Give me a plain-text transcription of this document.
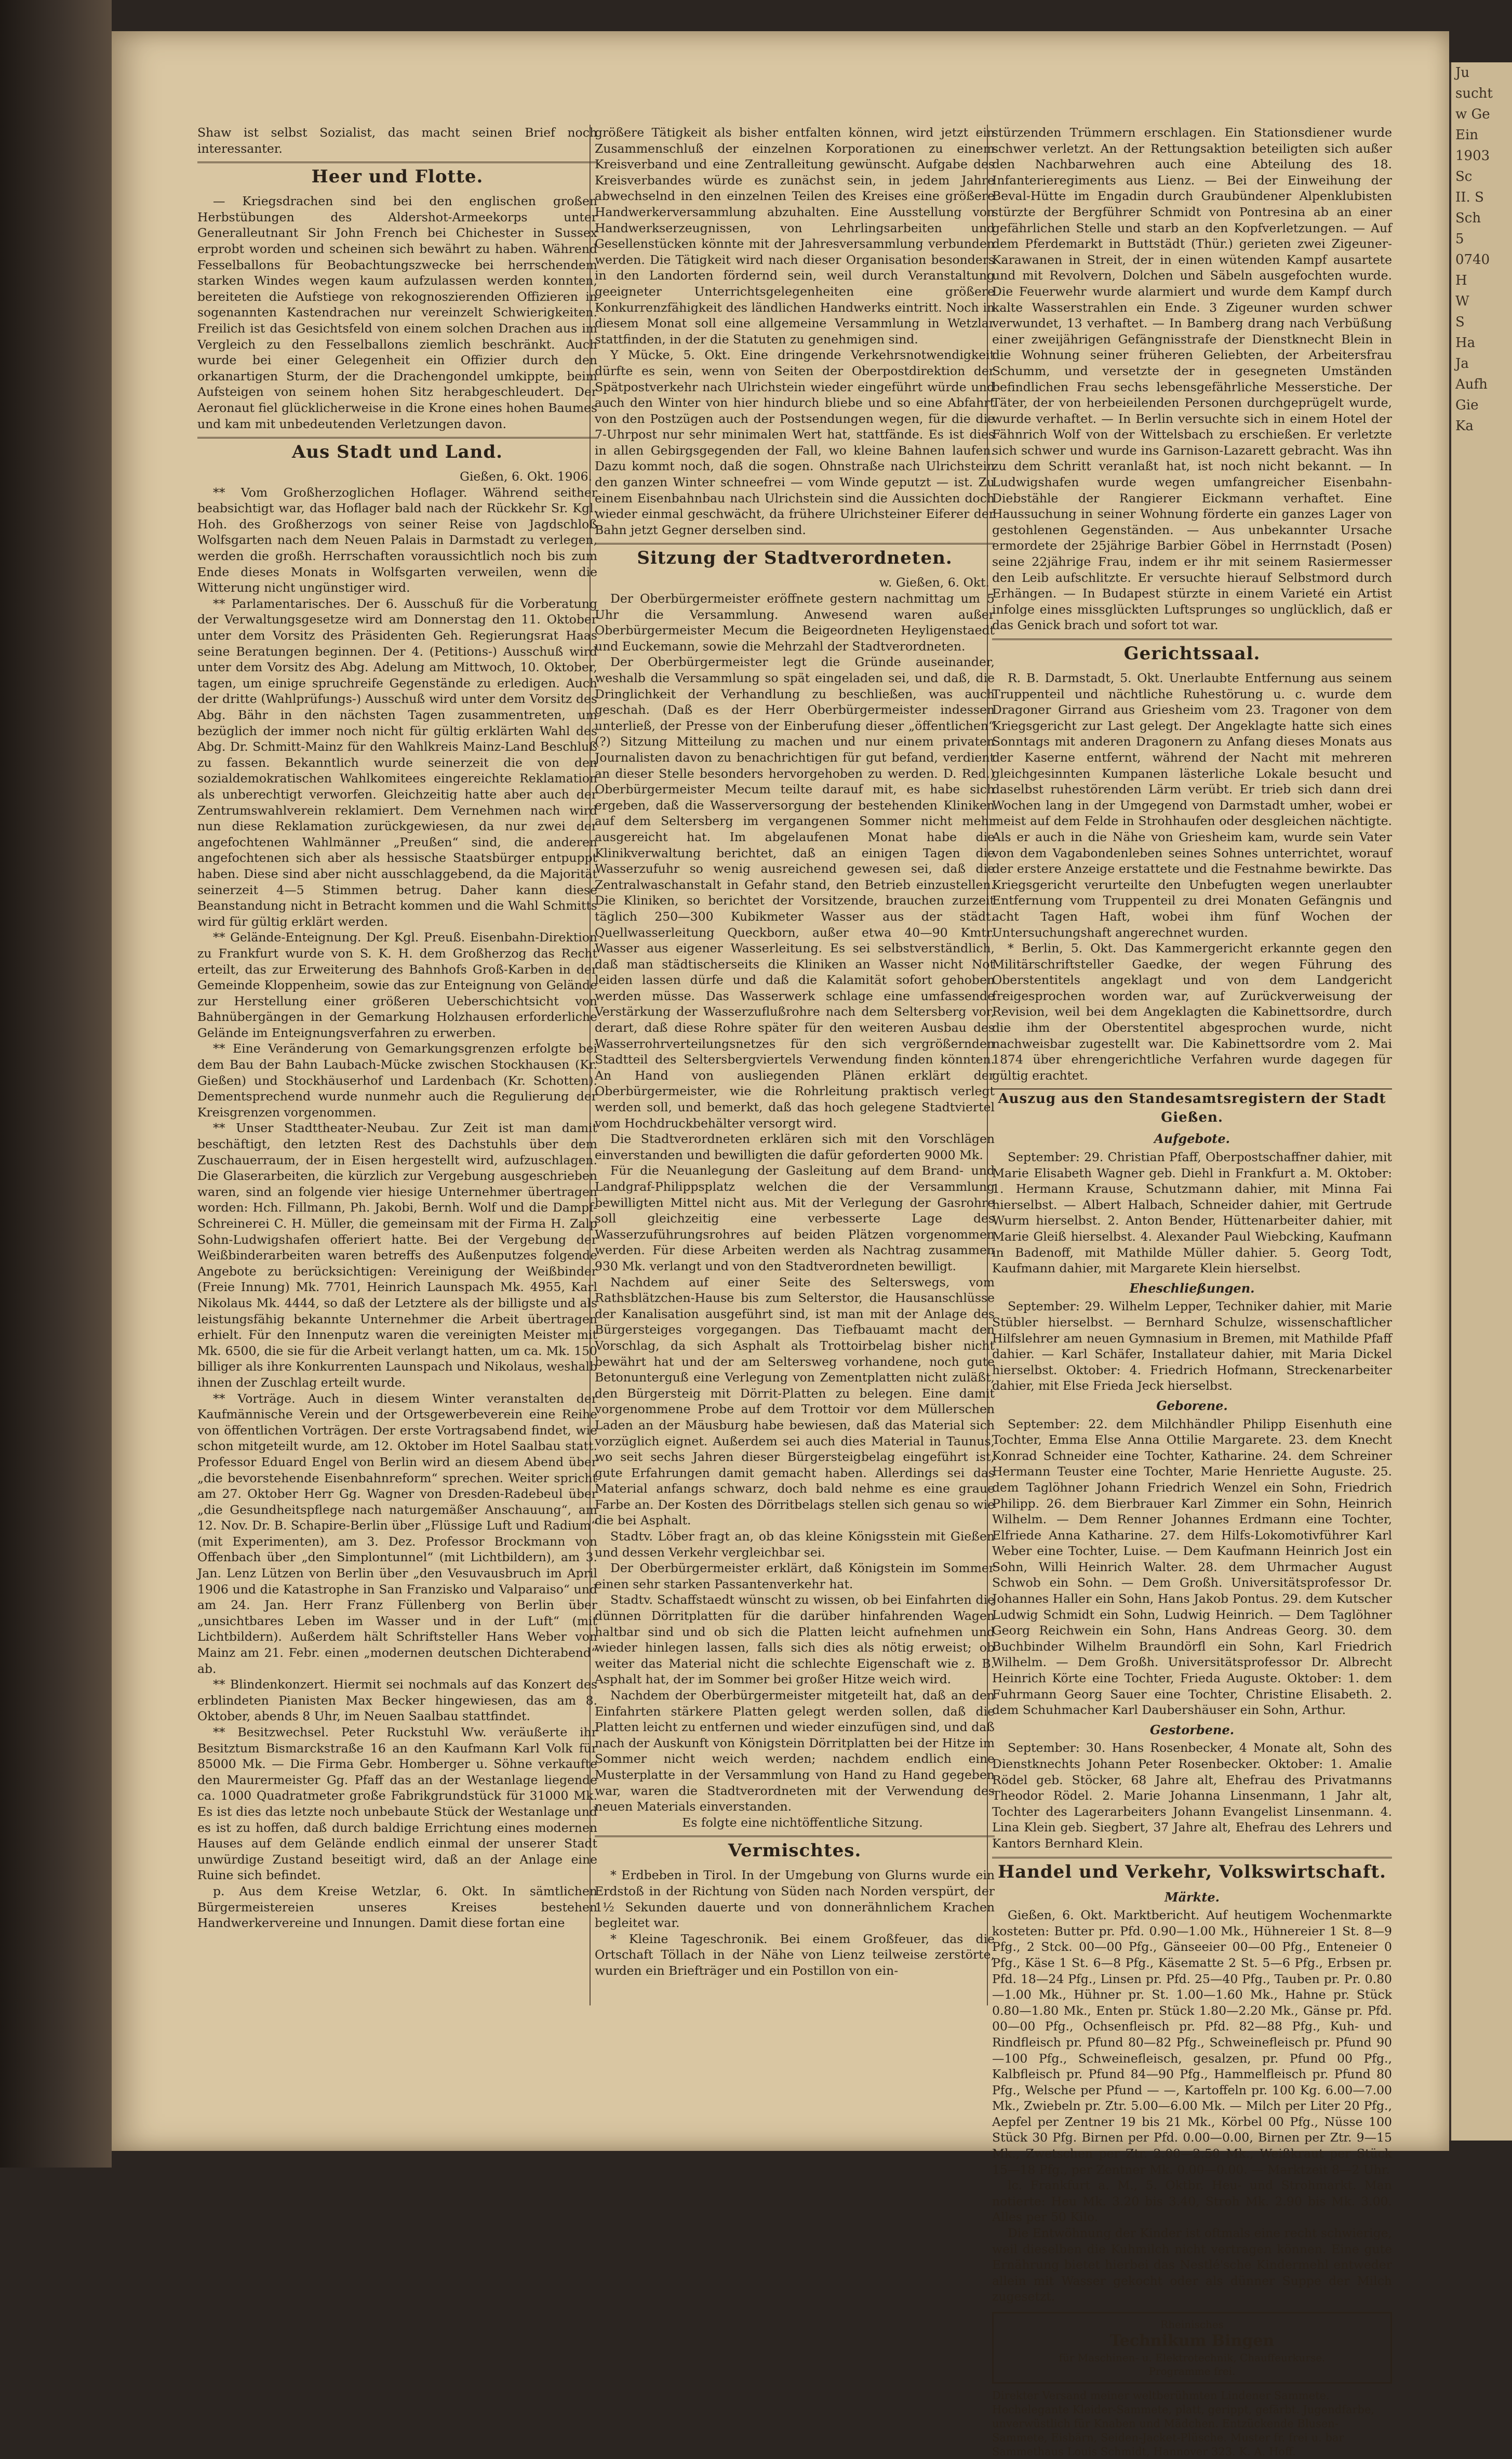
Shaw ist selbst Sozialist, das macht seinen Brief noch interessanter.

Heer und Flotte.

— Kriegsdrachen sind bei den englischen großen Herbstübungen des Aldershot-Armeekorps unter Generalleutnant Sir John French bei Chichester in Sussex erprobt worden und scheinen sich bewährt zu haben. Während Fesselballons für Beobachtungszwecke bei herrschendem starken Windes wegen kaum aufzulassen werden konnten, bereiteten die Aufstiege von rekognoszierenden Offizieren in sogenannten Kastendrachen nur vereinzelt Schwierigkeiten. Freilich ist das Gesichtsfeld von einem solchen Drachen aus im Vergleich zu den Fesselballons ziemlich beschränkt. Auch wurde bei einer Gelegenheit ein Offizier durch den orkanartigen Sturm, der die Drachengondel umkippte, beim Aufsteigen von seinem hohen Sitz herabgeschleudert. Der Aeronaut fiel glücklicherweise in die Krone eines hohen Baumes und kam mit unbedeutenden Verletzungen davon.

Aus Stadt und Land.
Gießen, 6. Okt. 1906.

** Vom Großherzoglichen Hoflager. Während seither beabsichtigt war, das Hoflager bald nach der Rückkehr Sr. Kgl. Hoh. des Großherzogs von seiner Reise von Jagdschloß Wolfsgarten nach dem Neuen Palais in Darmstadt zu verlegen, werden die großh. Herrschaften voraussichtlich noch bis zum Ende dieses Monats in Wolfsgarten verweilen, wenn die Witterung nicht ungünstiger wird.

** Parlamentarisches. Der 6. Ausschuß für die Vorberatung der Verwaltungsgesetze wird am Donnerstag den 11. Oktober unter dem Vorsitz des Präsidenten Geh. Regierungsrat Haas seine Beratungen beginnen. Der 4. (Petitions-) Ausschuß wird unter dem Vorsitz des Abg. Adelung am Mittwoch, 10. Oktober, tagen, um einige spruchreife Gegenstände zu erledigen. Auch der dritte (Wahlprüfungs-) Ausschuß wird unter dem Vorsitz des Abg. Bähr in den nächsten Tagen zusammentreten, um bezüglich der immer noch nicht für gültig erklärten Wahl des Abg. Dr. Schmitt-Mainz für den Wahlkreis Mainz-Land Beschluß zu fassen. Bekanntlich wurde seinerzeit die von den sozialdemokratischen Wahlkomitees eingereichte Reklamation als unberechtigt verworfen. Gleichzeitig hatte aber auch der Zentrumswahlverein reklamiert. Dem Vernehmen nach wird nun diese Reklamation zurückgewiesen, da nur zwei der angefochtenen Wahlmänner „Preußen“ sind, die anderen angefochtenen sich aber als hessische Staatsbürger entpuppt haben. Diese sind aber nicht ausschlaggebend, da die Majorität seinerzeit 4—5 Stimmen betrug. Daher kann diese Beanstandung nicht in Betracht kommen und die Wahl Schmitts wird für gültig erklärt werden.

** Gelände-Enteignung. Der Kgl. Preuß. Eisenbahn-Direktion zu Frankfurt wurde von S. K. H. dem Großherzog das Recht erteilt, das zur Erweiterung des Bahnhofs Groß-Karben in der Gemeinde Kloppenheim, sowie das zur Enteignung von Gelände zur Herstellung einer größeren Ueberschichtsicht von Bahnübergängen in der Gemarkung Holzhausen erforderliche Gelände im Enteignungsverfahren zu erwerben.

** Eine Veränderung von Gemarkungsgrenzen erfolgte bei dem Bau der Bahn Laubach-Mücke zwischen Stockhausen (Kr. Gießen) und Stockhäuserhof und Lardenbach (Kr. Schotten). Dementsprechend wurde nunmehr auch die Regulierung der Kreisgrenzen vorgenommen.

** Unser Stadttheater-Neubau. Zur Zeit ist man damit beschäftigt, den letzten Rest des Dachstuhls über dem Zuschauerraum, der in Eisen hergestellt wird, aufzuschlagen. Die Glaserarbeiten, die kürzlich zur Vergebung ausgeschrieben waren, sind an folgende vier hiesige Unternehmer übertragen worden: Hch. Fillmann, Ph. Jakobi, Bernh. Wolf und die Dampf-Schreinerei C. H. Müller, die gemeinsam mit der Firma H. Zalp Sohn-Ludwigshafen offeriert hatte. Bei der Vergebung der Weißbinderarbeiten waren betreffs des Außenputzes folgende Angebote zu berücksichtigen: Vereinigung der Weißbinder (Freie Innung) Mk. 7701, Heinrich Launspach Mk. 4955, Karl Nikolaus Mk. 4444, so daß der Letztere als der billigste und als leistungsfähig bekannte Unternehmer die Arbeit übertragen erhielt. Für den Innenputz waren die vereinigten Meister mit Mk. 6500, die sie für die Arbeit verlangt hatten, um ca. Mk. 150 billiger als ihre Konkurrenten Launspach und Nikolaus, weshalb ihnen der Zuschlag erteilt wurde.

** Vorträge. Auch in diesem Winter veranstalten der Kaufmännische Verein und der Ortsgewerbeverein eine Reihe von öffentlichen Vorträgen. Der erste Vortragsabend findet, wie schon mitgeteilt wurde, am 12. Oktober im Hotel Saalbau statt. Professor Eduard Engel von Berlin wird an diesem Abend über „die bevorstehende Eisenbahnreform“ sprechen. Weiter spricht am 27. Oktober Herr Gg. Wagner von Dresden-Radebeul über „die Gesundheitspflege nach naturgemäßer Anschauung“, am 12. Nov. Dr. B. Schapire-Berlin über „Flüssige Luft und Radium“ (mit Experimenten), am 3. Dez. Professor Brockmann von Offenbach über „den Simplontunnel“ (mit Lichtbildern), am 3. Jan. Lenz Lützen von Berlin über „den Vesuvausbruch im April 1906 und die Katastrophe in San Franzisko und Valparaiso“ und am 24. Jan. Herr Franz Füllenberg von Berlin über „unsichtbares Leben im Wasser und in der Luft“ (mit Lichtbildern). Außerdem hält Schriftsteller Hans Weber von Mainz am 21. Febr. einen „modernen deutschen Dichterabend“ ab.

** Blindenkonzert. Hiermit sei nochmals auf das Konzert des erblindeten Pianisten Max Becker hingewiesen, das am 8. Oktober, abends 8 Uhr, im Neuen Saalbau stattfindet.

** Besitzwechsel. Peter Ruckstuhl Ww. veräußerte ihr Besitztum Bismarckstraße 16 an den Kaufmann Karl Volk für 85000 Mk. — Die Firma Gebr. Homberger u. Söhne verkaufte den Maurermeister Gg. Pfaff das an der Westanlage liegende ca. 1000 Quadratmeter große Fabrikgrundstück für 31000 Mk. Es ist dies das letzte noch unbebaute Stück der Westanlage und es ist zu hoffen, daß durch baldige Errichtung eines modernen Hauses auf dem Gelände endlich einmal der unserer Stadt unwürdige Zustand beseitigt wird, daß an der Anlage eine Ruine sich befindet.

p. Aus dem Kreise Wetzlar, 6. Okt. In sämtlichen Bürgermeistereien unseres Kreises bestehen Handwerkervereine und Innungen. Damit diese fortan eine

größere Tätigkeit als bisher entfalten können, wird jetzt ein Zusammenschluß der einzelnen Korporationen zu einem Kreisverband und eine Zentralleitung gewünscht. Aufgabe des Kreisverbandes würde es zunächst sein, in jedem Jahre abwechselnd in den einzelnen Teilen des Kreises eine größere Handwerkerversammlung abzuhalten. Eine Ausstellung von Handwerkserzeugnissen, von Lehrlingsarbeiten und Gesellenstücken könnte mit der Jahresversammlung verbunden werden. Die Tätigkeit wird nach dieser Organisation besonders in den Landorten fördernd sein, weil durch Veranstaltung geeigneter Unterrichtsgelegenheiten eine größere Konkurrenzfähigkeit des ländlichen Handwerks eintritt. Noch in diesem Monat soll eine allgemeine Versammlung in Wetzlar stattfinden, in der die Statuten zu genehmigen sind.

Y Mücke, 5. Okt. Eine dringende Verkehrsnotwendigkeit dürfte es sein, wenn von Seiten der Oberpostdirektion der Spätpostverkehr nach Ulrichstein wieder eingeführt würde und auch den Winter von hier hindurch bliebe und so eine Abfahrt von den Postzügen auch der Postsendungen wegen, für die die 7-Uhrpost nur sehr minimalen Wert hat, stattfände. Es ist dies in allen Gebirgsgegenden der Fall, wo kleine Bahnen laufen. Dazu kommt noch, daß die sogen. Ohnstraße nach Ulrichstein den ganzen Winter schneefrei — vom Winde geputzt — ist. Zu einem Eisenbahnbau nach Ulrichstein sind die Aussichten doch wieder einmal geschwächt, da frühere Ulrichsteiner Eiferer der Bahn jetzt Gegner derselben sind.

Sitzung der Stadtverordneten.
w. Gießen, 6. Okt.

Der Oberbürgermeister eröffnete gestern nachmittag um 5 Uhr die Versammlung. Anwesend waren außer Oberbürgermeister Mecum die Beigeordneten Heyligenstaedt und Euckemann, sowie die Mehrzahl der Stadtverordneten.

Der Oberbürgermeister legt die Gründe auseinander, weshalb die Versammlung so spät eingeladen sei, und daß, die Dringlichkeit der Verhandlung zu beschließen, was auch geschah. (Daß es der Herr Oberbürgermeister indessen unterließ, der Presse von der Einberufung dieser „öffentlichen“ (?) Sitzung Mitteilung zu machen und nur einem privaten Journalisten davon zu benachrichtigen für gut befand, verdient an dieser Stelle besonders hervorgehoben zu werden. D. Red.) Oberbürgermeister Mecum teilte darauf mit, es habe sich ergeben, daß die Wasserversorgung der bestehenden Kliniken auf dem Seltersberg im vergangenen Sommer nicht mehr ausgereicht hat. Im abgelaufenen Monat habe die Klinikverwaltung berichtet, daß an einigen Tagen die Wasserzufuhr so wenig ausreichend gewesen sei, daß die Zentralwaschanstalt in Gefahr stand, den Betrieb einzustellen. Die Kliniken, so berichtet der Vorsitzende, brauchen zurzeit täglich 250—300 Kubikmeter Wasser aus der städt. Quellwasserleitung Queckborn, außer etwa 40—90 Kmtr. Wasser aus eigener Wasserleitung. Es sei selbstverständlich, daß man städtischerseits die Kliniken an Wasser nicht Not leiden lassen dürfe und daß die Kalamität sofort gehoben werden müsse. Das Wasserwerk schlage eine umfassende Verstärkung der Wasserzuflußrohre nach dem Seltersberg vor, derart, daß diese Rohre später für den weiteren Ausbau des Wasserrohrverteilungsnetzes für den sich vergrößernden Stadtteil des Seltersbergviertels Verwendung finden könnten. An Hand von ausliegenden Plänen erklärt der Oberbürgermeister, wie die Rohrleitung praktisch verlegt werden soll, und bemerkt, daß das hoch gelegene Stadtviertel vom Hochdruckbehälter versorgt wird.

Die Stadtverordneten erklären sich mit den Vorschlägen einverstanden und bewilligten die dafür geforderten 9000 Mk.

Für die Neuanlegung der Gasleitung auf dem Brand- und Landgraf-Philippsplatz welchen die der Versammlung bewilligten Mittel nicht aus. Mit der Verlegung der Gasrohre soll gleichzeitig eine verbesserte Lage des Wasserzuführungsrohres auf beiden Plätzen vorgenommen werden. Für diese Arbeiten werden als Nachtrag zusammen 930 Mk. verlangt und von den Stadtverordneten bewilligt.

Nachdem auf einer Seite des Selterswegs, vom Rathsblätzchen-Hause bis zum Selterstor, die Hausanschlüsse der Kanalisation ausgeführt sind, ist man mit der Anlage des Bürgersteiges vorgegangen. Das Tiefbauamt macht den Vorschlag, da sich Asphalt als Trottoirbelag bisher nicht bewährt hat und der am Seltersweg vorhandene, noch gute Betonunterguß eine Verlegung von Zementplatten nicht zuläßt, den Bürgersteig mit Dörrit-Platten zu belegen. Eine damit vorgenommene Probe auf dem Trottoir vor dem Müllerschen Laden an der Mäusburg habe bewiesen, daß das Material sich vorzüglich eignet. Außerdem sei auch dies Material in Taunus, wo seit sechs Jahren dieser Bürgersteigbelag eingeführt ist, gute Erfahrungen damit gemacht haben. Allerdings sei das Material anfangs schwarz, doch bald nehme es eine graue Farbe an. Der Kosten des Dörritbelags stellen sich genau so wie die bei Asphalt.

Stadtv. Löber fragt an, ob das kleine Königsstein mit Gießen und dessen Verkehr vergleichbar sei.

Der Oberbürgermeister erklärt, daß Königstein im Sommer einen sehr starken Passantenverkehr hat.

Stadtv. Schaffstaedt wünscht zu wissen, ob bei Einfahrten die dünnen Dörritplatten für die darüber hinfahrenden Wagen haltbar sind und ob sich die Platten leicht aufnehmen und wieder hinlegen lassen, falls sich dies als nötig erweist; ob weiter das Material nicht die schlechte Eigenschaft wie z. B. Asphalt hat, der im Sommer bei großer Hitze weich wird.

Nachdem der Oberbürgermeister mitgeteilt hat, daß an den Einfahrten stärkere Platten gelegt werden sollen, daß die Platten leicht zu entfernen und wieder einzufügen sind, und daß nach der Auskunft von Königstein Dörritplatten bei der Hitze im Sommer nicht weich werden; nachdem endlich eine Musterplatte in der Versammlung von Hand zu Hand gegeben war, waren die Stadtverordneten mit der Verwendung des neuen Materials einverstanden.

Es folgte eine nichtöffentliche Sitzung.

Vermischtes.

* Erdbeben in Tirol. In der Umgebung von Glurns wurde ein Erdstoß in der Richtung von Süden nach Norden verspürt, der 1½ Sekunden dauerte und von donnerähnlichem Krachen begleitet war.

* Kleine Tageschronik. Bei einem Großfeuer, das die Ortschaft Töllach in der Nähe von Lienz teilweise zerstörte, wurden ein Briefträger und ein Postillon von ein-

stürzenden Trümmern erschlagen. Ein Stationsdiener wurde schwer verletzt. An der Rettungsaktion beteiligten sich außer den Nachbarwehren auch eine Abteilung des 18. Infanterieregiments aus Lienz. — Bei der Einweihung der Beval-Hütte im Engadin durch Graubündener Alpenklubisten stürzte der Bergführer Schmidt von Pontresina ab an einer gefährlichen Stelle und starb an den Kopfverletzungen. — Auf dem Pferdemarkt in Buttstädt (Thür.) gerieten zwei Zigeuner-Karawanen in Streit, der in einen wütenden Kampf ausartete und mit Revolvern, Dolchen und Säbeln ausgefochten wurde. Die Feuerwehr wurde alarmiert und wurde dem Kampf durch kalte Wasserstrahlen ein Ende. 3 Zigeuner wurden schwer verwundet, 13 verhaftet. — In Bamberg drang nach Verbüßung einer zweijährigen Gefängnisstrafe der Dienstknecht Blein in die Wohnung seiner früheren Geliebten, der Arbeitersfrau Schumm, und versetzte der in gesegneten Umständen befindlichen Frau sechs lebensgefährliche Messerstiche. Der Täter, der von herbeieilenden Personen durchgeprügelt wurde, wurde verhaftet. — In Berlin versuchte sich in einem Hotel der Fähnrich Wolf von der Wittelsbach zu erschießen. Er verletzte sich schwer und wurde ins Garnison-Lazarett gebracht. Was ihn zu dem Schritt veranlaßt hat, ist noch nicht bekannt. — In Ludwigshafen wurde wegen umfangreicher Eisenbahn-Diebstähle der Rangierer Eickmann verhaftet. Eine Haussuchung in seiner Wohnung förderte ein ganzes Lager von gestohlenen Gegenständen. — Aus unbekannter Ursache ermordete der 25jährige Barbier Göbel in Herrnstadt (Posen) seine 22jährige Frau, indem er ihr mit seinem Rasiermesser den Leib aufschlitzte. Er versuchte hierauf Selbstmord durch Erhängen. — In Budapest stürzte in einem Varieté ein Artist infolge eines missglückten Luftsprunges so unglücklich, daß er das Genick brach und sofort tot war.

Gerichtssaal.

R. B. Darmstadt, 5. Okt. Unerlaubte Entfernung aus seinem Truppenteil und nächtliche Ruhestörung u. c. wurde dem Dragoner Girrand aus Griesheim vom 23. Tragoner von dem Kriegsgericht zur Last gelegt. Der Angeklagte hatte sich eines Sonntags mit anderen Dragonern zu Anfang dieses Monats aus der Kaserne entfernt, während der Nacht mit mehreren gleichgesinnten Kumpanen lästerliche Lokale besucht und daselbst ruhestörenden Lärm verübt. Er trieb sich dann drei Wochen lang in der Umgegend von Darmstadt umher, wobei er meist auf dem Felde in Strohhaufen oder desgleichen nächtigte. Als er auch in die Nähe von Griesheim kam, wurde sein Vater von dem Vagabondenleben seines Sohnes unterrichtet, worauf der erstere Anzeige erstattete und die Festnahme bewirkte. Das Kriegsgericht verurteilte den Unbefugten wegen unerlaubter Entfernung vom Truppenteil zu drei Monaten Gefängnis und acht Tagen Haft, wobei ihm fünf Wochen der Untersuchungshaft angerechnet wurden.

* Berlin, 5. Okt. Das Kammergericht erkannte gegen den Militärschriftsteller Gaedke, der wegen Führung des Oberstentitels angeklagt und von dem Landgericht freigesprochen worden war, auf Zurückverweisung der Revision, weil bei dem Angeklagten die Kabinettsordre, durch die ihm der Oberstentitel abgesprochen wurde, nicht nachweisbar zugestellt war. Die Kabinettsordre vom 2. Mai 1874 über ehrengerichtliche Verfahren wurde dagegen für gültig erachtet.

Auszug aus den Standesamtsregistern der Stadt Gießen.
Aufgebote.

September: 29. Christian Pfaff, Oberpostschaffner dahier, mit Marie Elisabeth Wagner geb. Diehl in Frankfurt a. M. Oktober: 1. Hermann Krause, Schutzmann dahier, mit Minna Fai hierselbst. — Albert Halbach, Schneider dahier, mit Gertrude Wurm hierselbst. 2. Anton Bender, Hüttenarbeiter dahier, mit Marie Gleiß hierselbst. 4. Alexander Paul Wiebcking, Kaufmann in Badenoff, mit Mathilde Müller dahier. 5. Georg Todt, Kaufmann dahier, mit Margarete Klein hierselbst.

Eheschließungen.

September: 29. Wilhelm Lepper, Techniker dahier, mit Marie Stübler hierselbst. — Bernhard Schulze, wissenschaftlicher Hilfslehrer am neuen Gymnasium in Bremen, mit Mathilde Pfaff dahier. — Karl Schäfer, Installateur dahier, mit Maria Dickel hierselbst. Oktober: 4. Friedrich Hofmann, Streckenarbeiter dahier, mit Else Frieda Jeck hierselbst.

Geborene.

September: 22. dem Milchhändler Philipp Eisenhuth eine Tochter, Emma Else Anna Ottilie Margarete. 23. dem Knecht Konrad Schneider eine Tochter, Katharine. 24. dem Schreiner Hermann Teuster eine Tochter, Marie Henriette Auguste. 25. dem Taglöhner Johann Friedrich Wenzel ein Sohn, Friedrich Philipp. 26. dem Bierbrauer Karl Zimmer ein Sohn, Heinrich Wilhelm. — Dem Renner Johannes Erdmann eine Tochter, Elfriede Anna Katharine. 27. dem Hilfs-Lokomotivführer Karl Weber eine Tochter, Luise. — Dem Kaufmann Heinrich Jost ein Sohn, Willi Heinrich Walter. 28. dem Uhrmacher August Schwob ein Sohn. — Dem Großh. Universitätsprofessor Dr. Johannes Haller ein Sohn, Hans Jakob Pontus. 29. dem Kutscher Ludwig Schmidt ein Sohn, Ludwig Heinrich. — Dem Taglöhner Georg Reichwein ein Sohn, Hans Andreas Georg. 30. dem Buchbinder Wilhelm Braundörfl ein Sohn, Karl Friedrich Wilhelm. — Dem Großh. Universitätsprofessor Dr. Albrecht Heinrich Körte eine Tochter, Frieda Auguste. Oktober: 1. dem Fuhrmann Georg Sauer eine Tochter, Christine Elisabeth. 2. dem Schuhmacher Karl Daubershäuser ein Sohn, Arthur.

Gestorbene.

September: 30. Hans Rosenbecker, 4 Monate alt, Sohn des Dienstknechts Johann Peter Rosenbecker. Oktober: 1. Amalie Rödel geb. Stöcker, 68 Jahre alt, Ehefrau des Privatmanns Theodor Rödel. 2. Marie Johanna Linsenmann, 1 Jahr alt, Tochter des Lagerarbeiters Johann Evangelist Linsenmann. 4. Lina Klein geb. Siegbert, 37 Jahre alt, Ehefrau des Lehrers und Kantors Bernhard Klein.

Handel und Verkehr, Volkswirtschaft.
Märkte.

Gießen, 6. Okt. Marktbericht. Auf heutigem Wochenmarkte kosteten: Butter pr. Pfd. 0.90—1.00 Mk., Hühnereier 1 St. 8—9 Pfg., 2 Stck. 00—00 Pfg., Gänseeier 00—00 Pfg., Enteneier 0 Pfg., Käse 1 St. 6—8 Pfg., Käsematte 2 St. 5—6 Pfg., Erbsen pr. Pfd. 18—24 Pfg., Linsen pr. Pfd. 25—40 Pfg., Tauben pr. Pr. 0.80—1.00 Mk., Hühner pr. St. 1.00—1.60 Mk., Hahne pr. Stück 0.80—1.80 Mk., Enten pr. Stück 1.80—2.20 Mk., Gänse pr. Pfd. 00—00 Pfg., Ochsenfleisch pr. Pfd. 82—88 Pfg., Kuh- und Rindfleisch pr. Pfund 80—82 Pfg., Schweinefleisch pr. Pfund 90—100 Pfg., Schweinefleisch, gesalzen, pr. Pfund 00 Pfg., Kalbfleisch pr. Pfund 84—90 Pfg., Hammelfleisch pr. Pfund 80 Pfg., Welsche per Pfund — —, Kartoffeln pr. 100 Kg. 6.00—7.00 Mk., Zwiebeln pr. Ztr. 5.00—6.00 Mk. — Milch per Liter 20 Pfg., Aepfel per Zentner 19 bis 21 Mk., Körbel 00 Pfg., Nüsse 100 Stück 30 Pfg. Birnen per Pfd. 0.00—0.00, Birnen per Ztr. 9—15 Mk., Zwetschen per Ztr. 2.00—2.50 Mk., Weißkraut per Stück 15—18 Pfg., per Zentner Mk. 0.00—0.00. — Marktzeit 8—2 Uhr.

lc. Frankfurt a. M., 5. Oktbr. Heu- und Strohmarkt. Man notierte: Heu Mk. 3.20 bis 3.40, Stroh Mk. 2.90 bis Mk. 3.00. Alles per 50 Kilo.

Die Entwöhnung der Kinder ist oftmals eine recht schwierige, weil dieselben die Kuhmilch nicht vertragen können. Eine gute Ernährung bietet hierbei das Nestlé'sche Kindermehl entweder allein mit Wasser gekocht oder als dünner Suppe der Milch zugesetzt.

Rheinisches
Technikum Bingen
für Maschinen- u. Elektrotechnik, Chauffeurkurse.
Programme frei.
Direkter Versand meiner weltberühmten Lindener Sammete. Hochelegante Kleider-Sammete, platt, gerippt, gefärbt. Jugendfarbe, unverwüstlich für Knaben und Mädchen. Entzückende Blusen-Sammete, Eisbärn, Seiden-Jacket-Plüsche. Muster fr. frei u. bar Sammethaus Louis Schmidt, Hannover 323. K. A. Hoff.
Ju
sucht
w Ge
Ein
1903
Sc
II. S
Sch
5
0740
H
W
S
Ha
Ja
Aufh
Gie
Ka
